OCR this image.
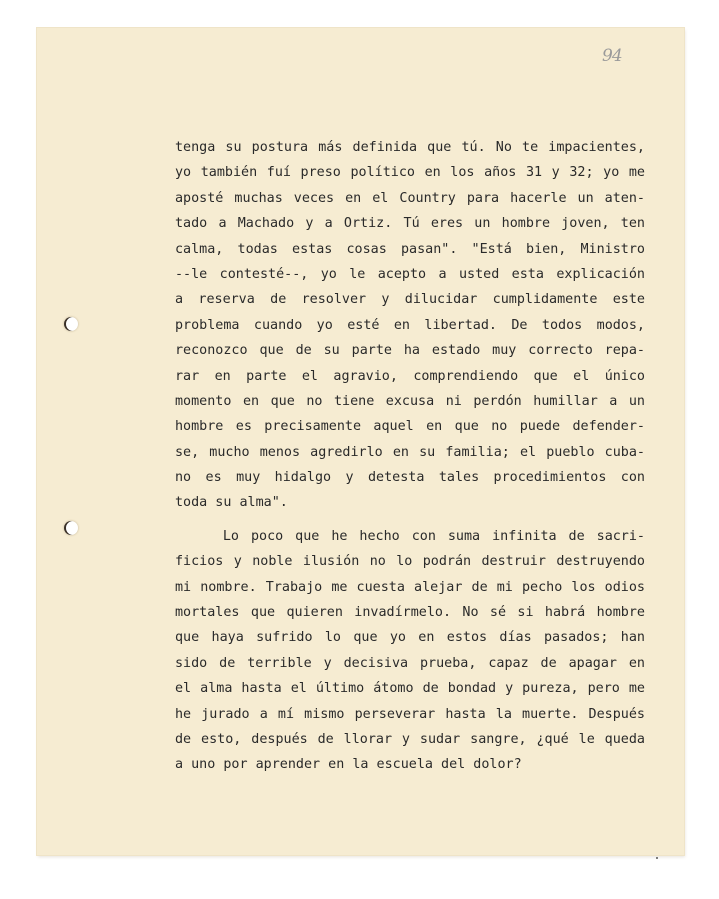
94
tenga su postura más definida que tú. No te impacientes,
yo también fuí preso político en los años 31 y 32; yo me
aposté muchas veces en el Country para hacerle un aten-
tado a Machado y a Ortiz. Tú eres un hombre joven, ten
calma, todas estas cosas pasan". "Está bien, Ministro
--le contesté--, yo le acepto a usted esta explicación
a reserva de resolver y dilucidar cumplidamente este
problema cuando yo esté en libertad. De todos modos,
reconozco que de su parte ha estado muy correcto repa-
rar en parte el agravio, comprendiendo que el único
momento en que no tiene excusa ni perdón humillar a un
hombre es precisamente aquel en que no puede defender-
se, mucho menos agredirlo en su familia; el pueblo cuba-
no es muy hidalgo y detesta tales procedimientos con
toda su alma".
Lo poco que he hecho con suma infinita de sacri-
ficios y noble ilusión no lo podrán destruir destruyendo
mi nombre. Trabajo me cuesta alejar de mi pecho los odios
mortales que quieren invadírmelo. No sé si habrá hombre
que haya sufrido lo que yo en estos días pasados; han
sido de terrible y decisiva prueba, capaz de apagar en
el alma hasta el último átomo de bondad y pureza, pero me
he jurado a mí mismo perseverar hasta la muerte. Después
de esto, después de llorar y sudar sangre, ¿qué le queda
a uno por aprender en la escuela del dolor?
